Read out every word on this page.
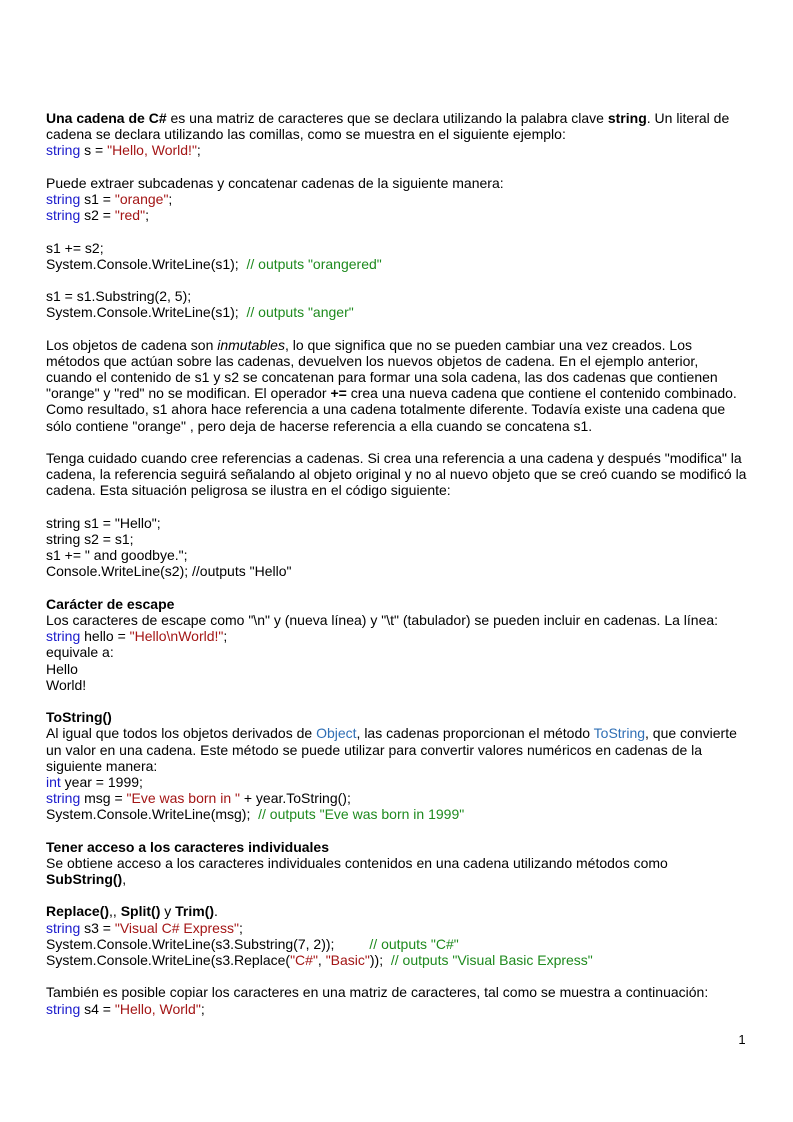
Una cadena de C# es una matriz de caracteres que se declara utilizando la palabra clave string. Un literal de cadena se declara utilizando las comillas, como se muestra en el siguiente ejemplo:
string s = "Hello, World!";
Puede extraer subcadenas y concatenar cadenas de la siguiente manera:
string s1 = "orange";
string s2 = "red";
s1 += s2;
System.Console.WriteLine(s1);  // outputs "orangered"
s1 = s1.Substring(2, 5);
System.Console.WriteLine(s1);  // outputs "anger"
Los objetos de cadena son inmutables, lo que significa que no se pueden cambiar una vez creados. Los métodos que actúan sobre las cadenas, devuelven los nuevos objetos de cadena. En el ejemplo anterior, cuando el contenido de s1 y s2 se concatenan para formar una sola cadena, las dos cadenas que contienen "orange" y "red" no se modifican. El operador += crea una nueva cadena que contiene el contenido combinado. Como resultado, s1 ahora hace referencia a una cadena totalmente diferente. Todavía existe una cadena que sólo contiene "orange" , pero deja de hacerse referencia a ella cuando se concatena s1.
Tenga cuidado cuando cree referencias a cadenas. Si crea una referencia a una cadena y después "modifica" la cadena, la referencia seguirá señalando al objeto original y no al nuevo objeto que se creó cuando se modificó la cadena. Esta situación peligrosa se ilustra en el código siguiente:
string s1 = "Hello";
string s2 = s1;
s1 += " and goodbye.";
Console.WriteLine(s2); //outputs "Hello"
Carácter de escape
Los caracteres de escape como "\n" y (nueva línea) y "\t" (tabulador) se pueden incluir en cadenas. La línea:
string hello = "Hello\nWorld!";
equivale a:
Hello
World!
ToString()
Al igual que todos los objetos derivados de Object, las cadenas proporcionan el método ToString, que convierte un valor en una cadena. Este método se puede utilizar para convertir valores numéricos en cadenas de la siguiente manera:
int year = 1999;
string msg = "Eve was born in " + year.ToString();
System.Console.WriteLine(msg);  // outputs "Eve was born in 1999"
Tener acceso a los caracteres individuales
Se obtiene acceso a los caracteres individuales contenidos en una cadena utilizando métodos como
SubString(),
Replace(),, Split() y Trim().
string s3 = "Visual C# Express";
System.Console.WriteLine(s3.Substring(7, 2));         // outputs "C#"
System.Console.WriteLine(s3.Replace("C#", "Basic"));  // outputs "Visual Basic Express"
También es posible copiar los caracteres en una matriz de caracteres, tal como se muestra a continuación:
string s4 = "Hello, World";
1
